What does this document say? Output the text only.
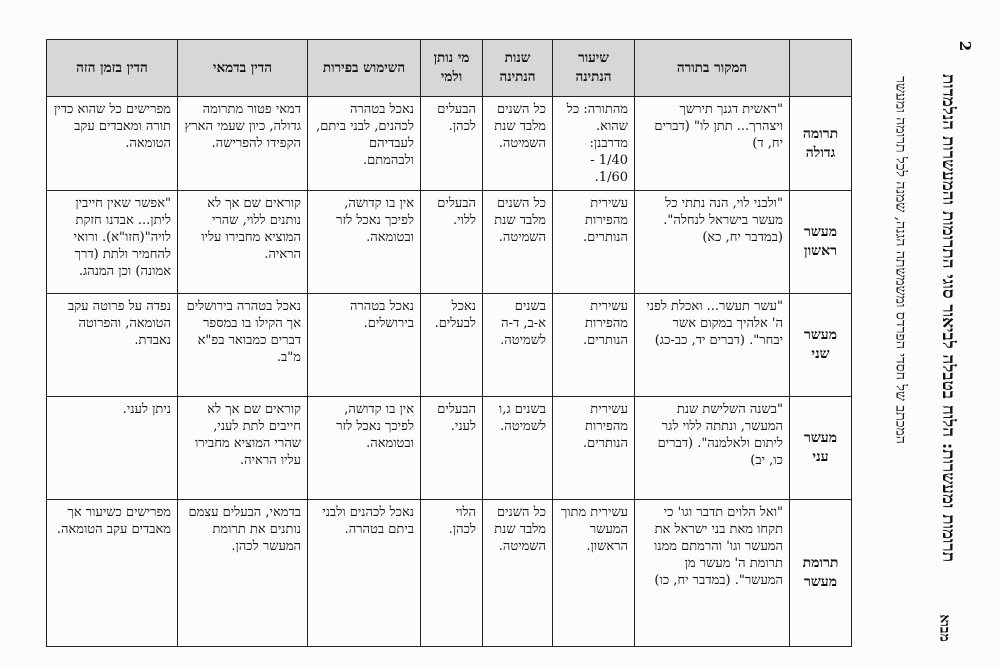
2
תרומות ומעשרות: הלוח בטבלה לביאור סוגי התרומות והמעשרות הנלמדות
המכתב של חסדי הפרדס ומשמשתה הגנה, שמנה לכל תרומה ומעשר
מבוא
	המקור בתורה	שיעור הנתינה	שנות הנתינה	מי נותן ולמי	השימוש בפירות	הדין בדמאי	הדין בזמן הזה
תרומה גדולה	"ראשית דגנך תירשך ויצהרך... תתן לו" (דברים יח, ד)	מהתורה: כל שהוא. מדרבנן: 1/40 - 1/60.	כל השנים מלבד שנת השמיטה.	הבעלים לכהן.	נאכל בטהרה לכהנים, לבני ביתם, לעבדיהם ולבהמתם.	דמאי פטור מתרומה גדולה, כיון שעמי הארץ הקפידו להפרישה.	מפרישים כל שהוא כדין תורה ומאבדים עקב הטומאה.
מעשר ראשון	"ולבני לוי, הנה נתתי כל מעשר בישראל לנחלה". (במדבר יח, כא)	עשירית מהפירות הנותרים.	כל השנים מלבד שנת השמיטה.	הבעלים ללוי.	אין בו קדושה, לפיכך נאכל לזר ובטומאה.	קוראים שם אך לא נותנים ללוי, שהרי המוציא מחבירו עליו הראיה.	"אפשר שאין חייבין ליתן... אבדנו חזקת לויה"(חזו"א). ורואי להחמיר ולתת (דרך אמונה) וכן המנהג.
מעשר שני	"עשר תעשר... ואכלת לפני ה' אלהיך במקום אשר יבחר". (דברים יד, כב-כג)	עשירית מהפירות הנותרים.	בשנים א-ב, ד-ה לשמיטה.	נאכל לבעלים.	נאכל בטהרה בירושלים.	נאכל בטהרה בירושלים אך הקילו בו במספר דברים כמבואר בפ"א מ"ב.	נפדה על פרוטה עקב הטומאה, והפרוטה נאבדת.
מעשר עני	"בשנה השלישת שנת המעשר, ונתתה ללוי לגר ליתום ולאלמנה". (דברים כו, יב)	עשירית מהפירות הנותרים.	בשנים ג,ו לשמיטה.	הבעלים לעני.	אין בו קדושה, לפיכך נאכל לזר ובטומאה.	קוראים שם אך לא חייבים לתת לעני, שהרי המוציא מחבירו עליו הראיה.	ניתן לעני.
תרומת מעשר	"ואל הלוים תדבר וגו' כי תקחו מאת בני ישראל את המעשר וגו' והרמתם ממנו תרומת ה' מעשר מן המעשר". (במדבר יח, כו)	עשירית מתוך המעשר הראשון.	כל השנים מלבד שנת השמיטה.	הלוי לכהן.	נאכל לכהנים ולבני ביתם בטהרה.	בדמאי, הבעלים עצמם נותנים את תרומת המעשר לכהן.	מפרישים כשיעור אך מאבדים עקב הטומאה.
